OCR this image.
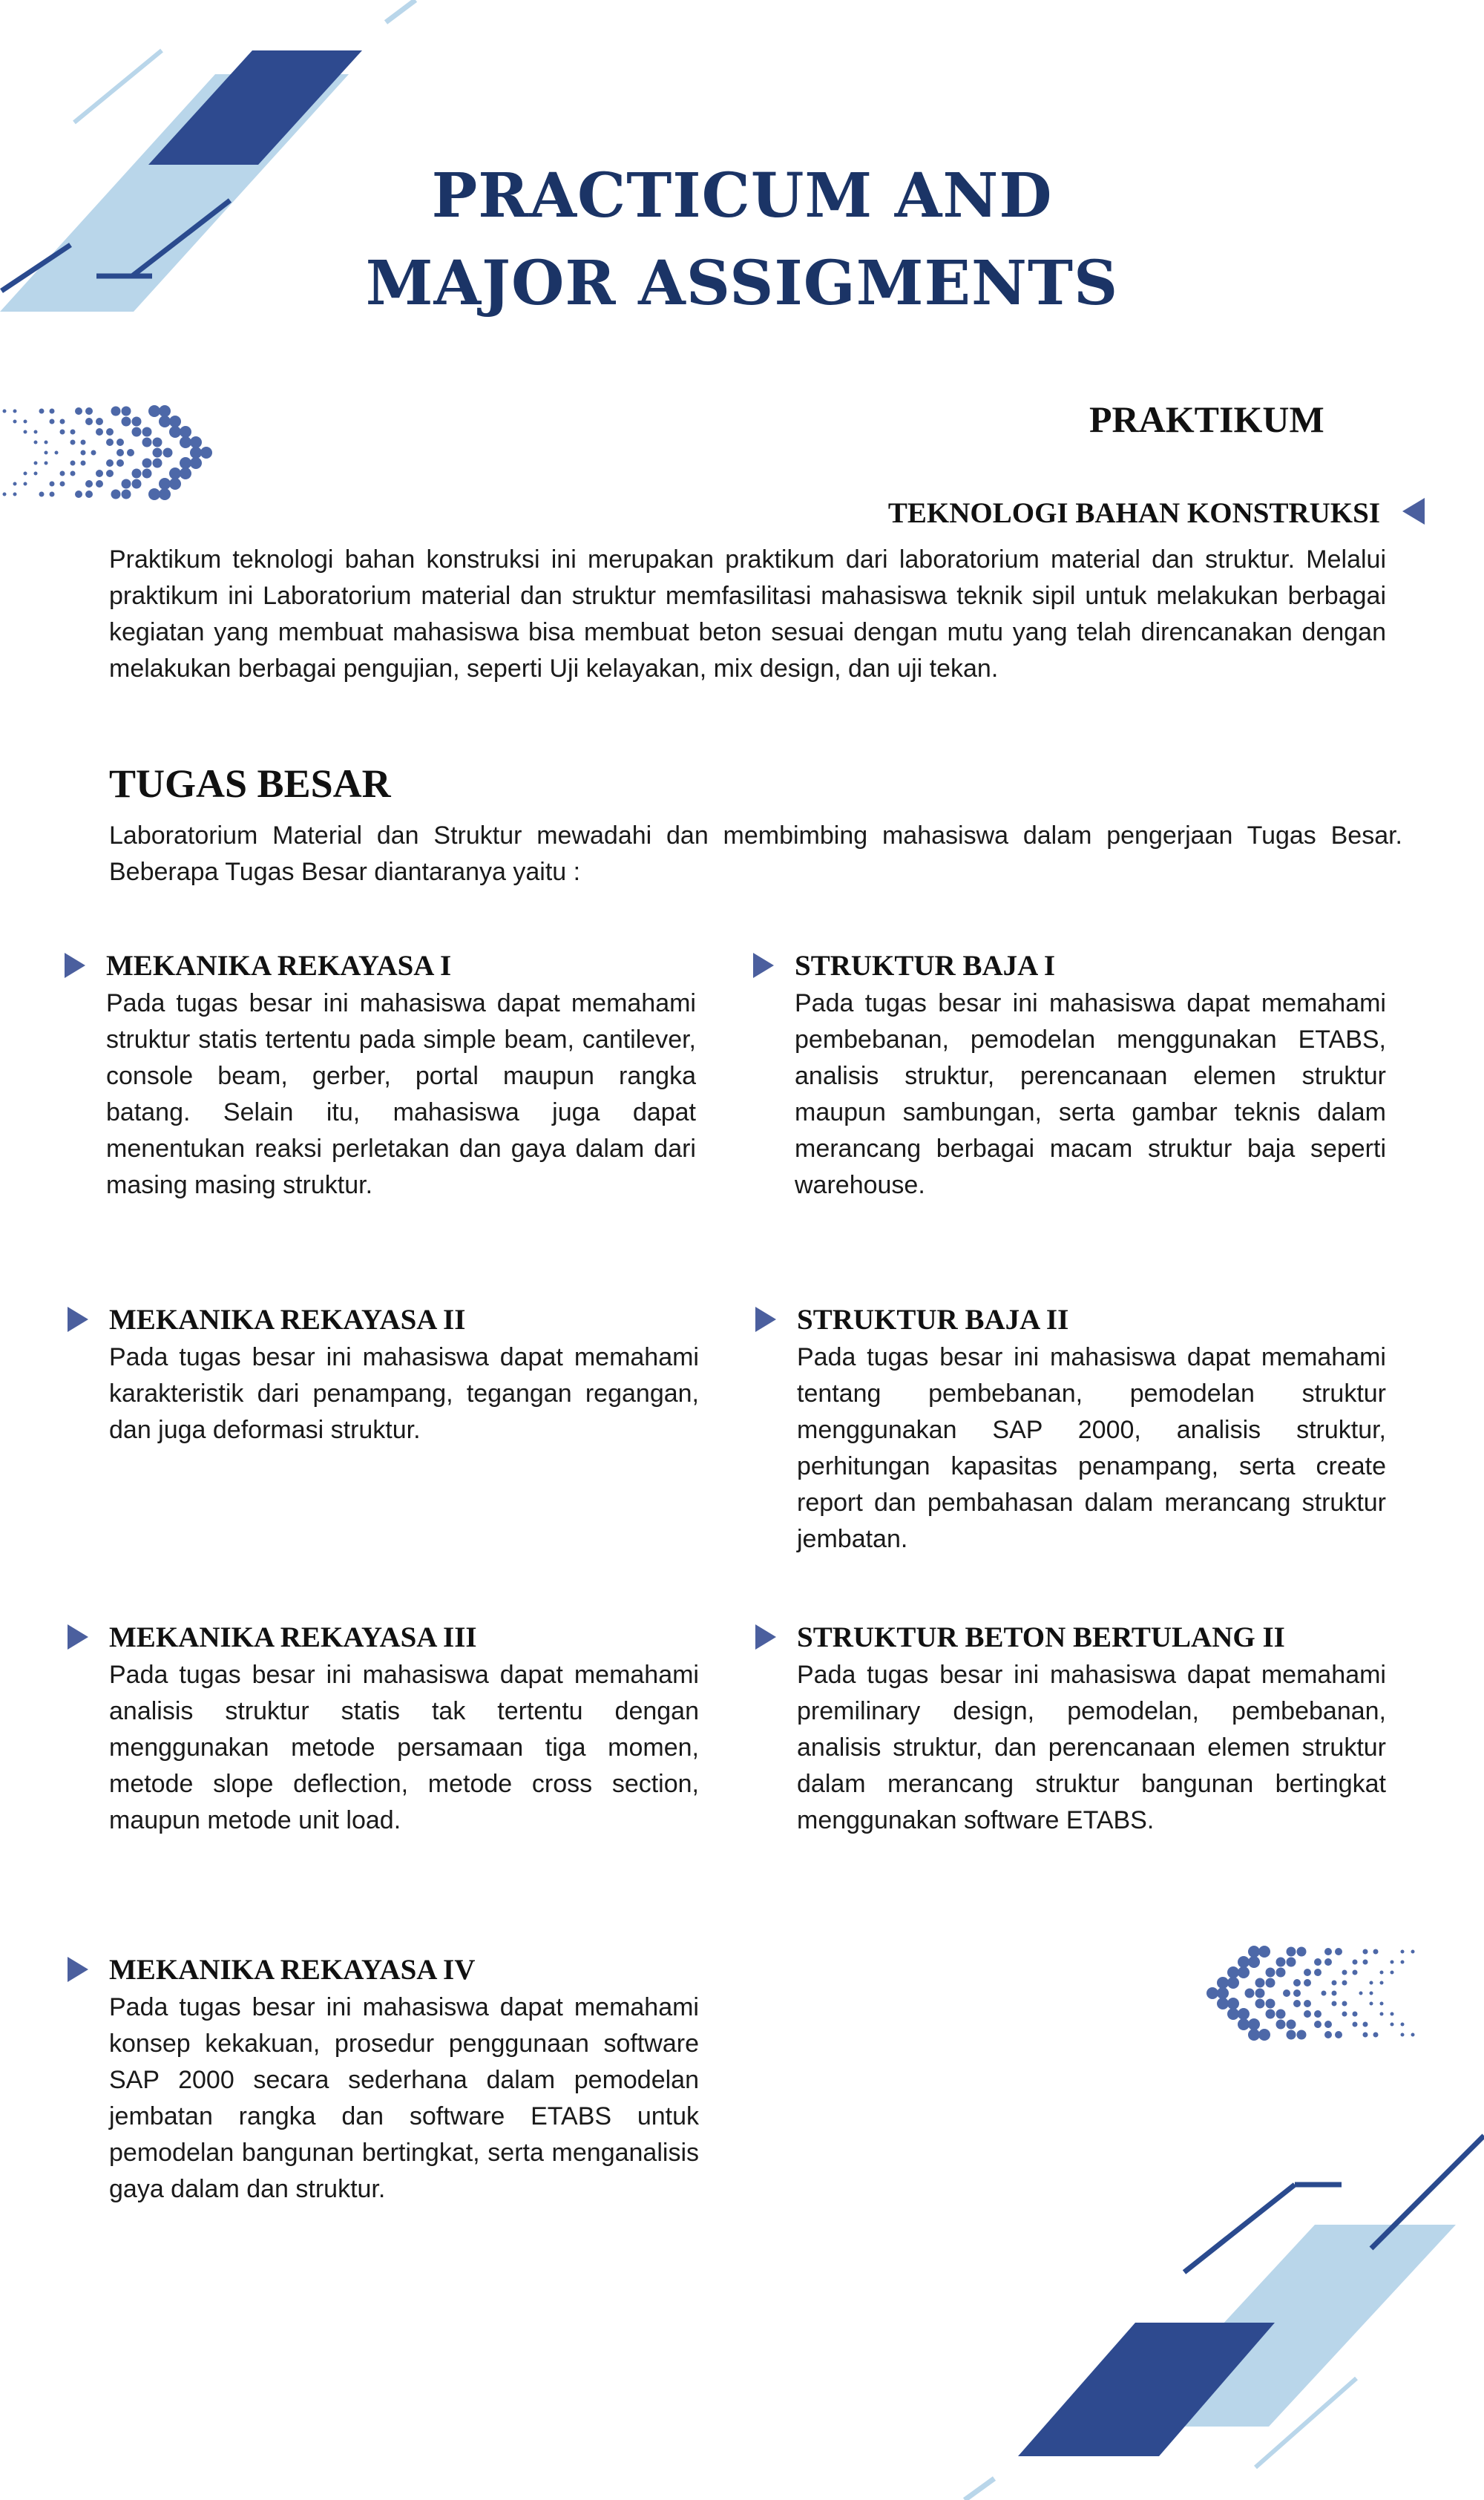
PRACTICUM AND
MAJOR ASSIGMENTS
PRAKTIKUM
TEKNOLOGI BAHAN KONSTRUKSI

Praktikum teknologi bahan konstruksi ini merupakan praktikum dari laboratorium material dan struktur. Melalui praktikum ini Laboratorium material dan struktur memfasilitasi mahasiswa teknik sipil untuk melakukan berbagai kegiatan yang membuat mahasiswa bisa membuat beton sesuai dengan mutu yang telah direncanakan dengan melakukan berbagai pengujian, seperti Uji kelayakan, mix design, dan uji tekan.

TUGAS BESAR

Laboratorium Material dan Struktur mewadahi dan membimbing mahasiswa dalam pengerjaan Tugas Besar. Beberapa Tugas Besar diantaranya yaitu :

MEKANIKA REKAYASA I

Pada tugas besar ini mahasiswa dapat memahami struktur statis tertentu pada simple beam, cantilever, console beam, gerber, portal maupun rangka batang. Selain itu, mahasiswa juga dapat menentukan reaksi perletakan dan gaya dalam dari masing masing struktur.

STRUKTUR BAJA I

Pada tugas besar ini mahasiswa dapat memahami pembebanan, pemodelan menggunakan ETABS, analisis struktur, perencanaan elemen struktur maupun sambungan, serta gambar teknis dalam merancang berbagai macam struktur baja seperti warehouse.

MEKANIKA REKAYASA II

Pada tugas besar ini mahasiswa dapat memahami karakteristik dari penampang, tegangan regangan, dan juga deformasi struktur.

STRUKTUR BAJA II

Pada tugas besar ini mahasiswa dapat memahami tentang pembebanan, pemodelan struktur menggunakan SAP 2000, analisis struktur, perhitungan kapasitas penampang, serta create report dan pembahasan dalam merancang struktur jembatan.

MEKANIKA REKAYASA III

Pada tugas besar ini mahasiswa dapat memahami analisis struktur statis tak tertentu dengan menggunakan metode persamaan tiga momen, metode slope deflection, metode cross section, maupun metode unit load.

STRUKTUR BETON BERTULANG II

Pada tugas besar ini mahasiswa dapat memahami premilinary design, pemodelan, pembebanan, analisis struktur, dan perencanaan elemen struktur dalam merancang struktur bangunan bertingkat menggunakan software ETABS.

MEKANIKA REKAYASA IV

Pada tugas besar ini mahasiswa dapat memahami konsep kekakuan, prosedur penggunaan software SAP 2000 secara sederhana dalam pemodelan jembatan rangka dan software ETABS untuk pemodelan bangunan bertingkat, serta menganalisis gaya dalam dan struktur.
